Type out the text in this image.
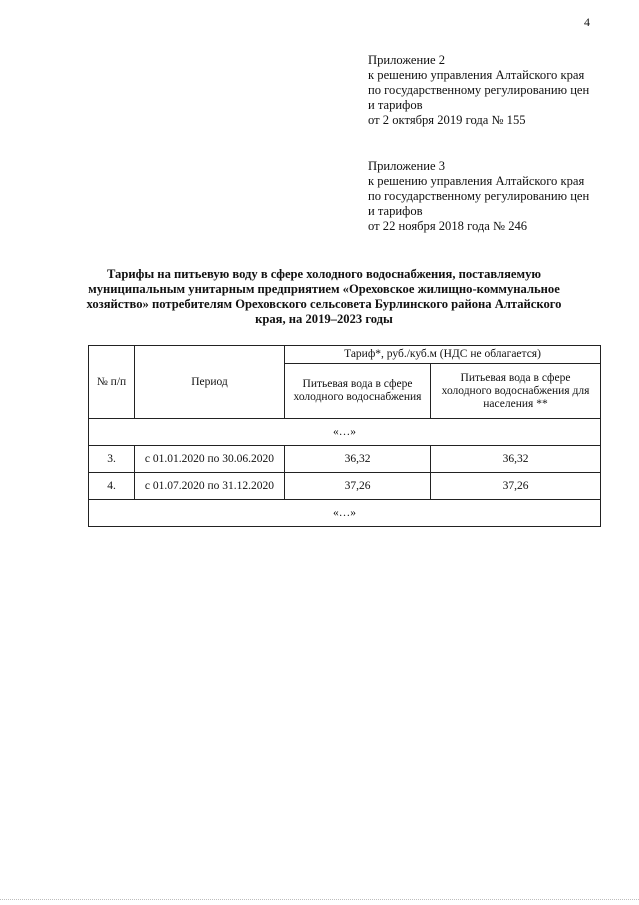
4
Приложение 2
к решению управления Алтайского края
по государственному регулированию цен
и тарифов
от 2 октября 2019 года № 155
Приложение 3
к решению управления Алтайского края
по государственному регулированию цен
и тарифов
от 22 ноября 2018 года № 246
Тарифы на питьевую воду в сфере холодного водоснабжения, поставляемую
муниципальным унитарным предприятием «Ореховское жилищно-коммунальное
хозяйство» потребителям Ореховского сельсовета Бурлинского района Алтайского
края, на 2019–2023 годы
№ п/п	Период	Тариф*, руб./куб.м (НДС не облагается)	
		Питьевая вода в сфере холодного водоснабжения	Питьевая вода в сфере холодного водоснабжения для населения **
«…»			
3.	с 01.01.2020 по 30.06.2020	36,32	36,32
4.	с 01.07.2020 по 31.12.2020	37,26	37,26
«…»			
